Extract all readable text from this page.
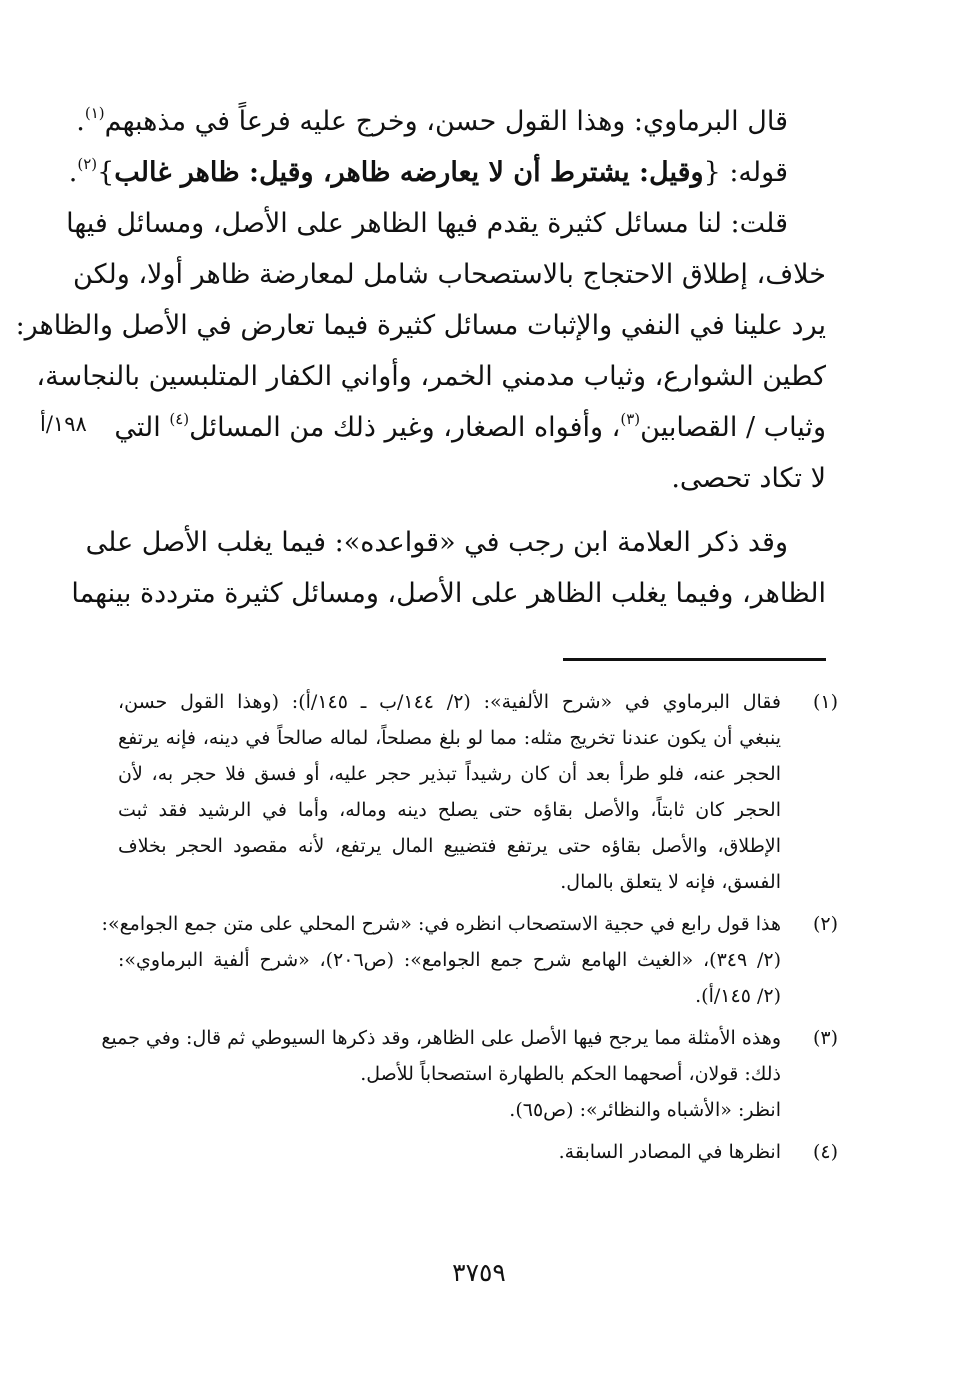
قال البرماوي: وهذا القول حسن، وخرج عليه فرعاً في مذهبهم$^{(١)}$.
قوله: {وقيل: يشترط أن لا يعارضه ظاهر، وقيل: ظاهر غالب}$^{(٢)}$.
قلت: لنا مسائل كثيرة يقدم فيها الظاهر على الأصل، ومسائل فيها
خلاف، إطلاق الاحتجاج بالاستصحاب شامل لمعارضة ظاهر أولا، ولكن
يرد علينا في النفي والإثبات مسائل كثيرة فيما تعارض في الأصل والظاهر:
كطين الشوارع، وثياب مدمني الخمر، وأواني الكفار المتلبسين بالنجاسة،
وثياب / القصابين$^{(٣)}$، وأفواه الصغار، وغير ذلك من المسائل$^{(٤)}$ التي
لا تكاد تحصى.
وقد ذكر العلامة ابن رجب في «قواعده»: فيما يغلب الأصل على
الظاهر، وفيما يغلب الظاهر على الأصل، ومسائل كثيرة مترددة بينهما
١٩٨/أ
(١)
فقال البرماوي في «شرح الألفية»: (٢/ ١٤٤/ب ـ ١٤٥/أ): (وهذا القول حسن،
ينبغي أن يكون عندنا تخريج مثله: مما لو بلغ مصلحاً، لماله صالحاً في دينه، فإنه يرتفع
الحجر عنه، فلو طرأ بعد أن كان رشيداً تبذير حجر عليه، أو فسق فلا حجر به، لأن
الحجر كان ثابتاً، والأصل بقاؤه حتى يصلح دينه وماله، وأما في الرشيد فقد ثبت
الإطلاق، والأصل بقاؤه حتى يرتفع فتضييع المال يرتفع، لأنه مقصود الحجر بخلاف
الفسق، فإنه لا يتعلق بالمال.
(٢)
هذا قول رابع في حجية الاستصحاب انظره في: «شرح المحلي على متن جمع الجوامع»:
(٢/ ٣٤٩)، «الغيث الهامع شرح جمع الجوامع»: (ص٢٠٦)، «شرح ألفية البرماوي»:
(٢/ ١٤٥/أ).
(٣)
وهذه الأمثلة مما يرجح فيها الأصل على الظاهر، وقد ذكرها السيوطي ثم قال: وفي جميع
ذلك: قولان، أصحهما الحكم بالطهارة استصحاباً للأصل.
انظر: «الأشباه والنظائر»: (ص٦٥).
(٤)
انظرها في المصادر السابقة.
٣٧٥٩
